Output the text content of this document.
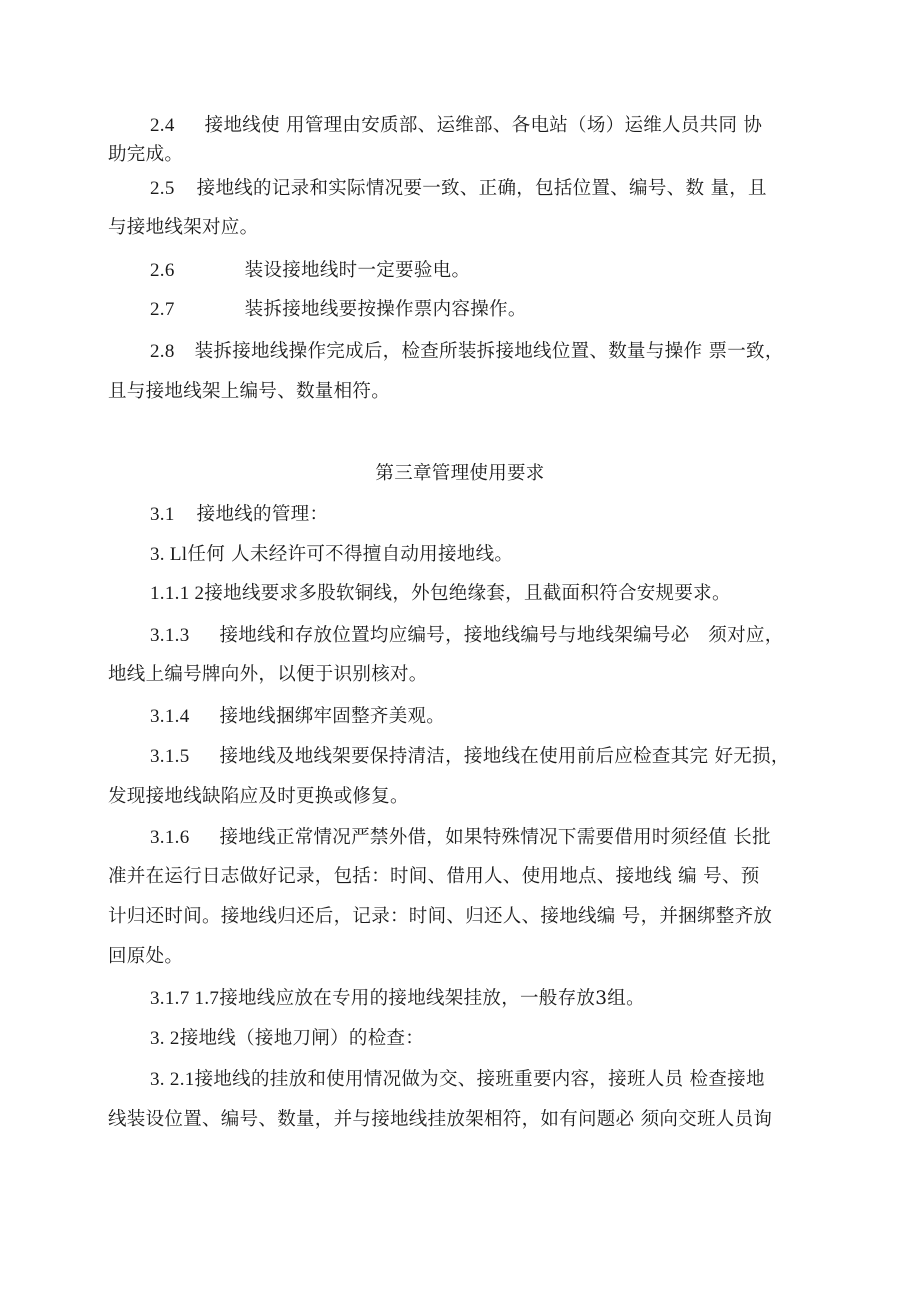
2.4 接地线使 用管理由安质部、运维部、各电站（场）运维人员共同 协
助完成。
2.5 接地线的记录和实际情况要一致、正确，包括位置、编号、数 量，且
与接地线架对应。
2.6	装设接地线时一定要验电。
2.7	装拆接地线要按操作票内容操作。
2.8 装拆接地线操作完成后，检查所装拆接地线位置、数量与操作 票一致，
且与接地线架上编号、数量相符。
第三章管理使用要求
3.1 接地线的管理：
3. Ll任何 人未经许可不得擅自动用接地线。
1.1.1 2接地线要求多股软铜线，外包绝缘套，且截面积符合安规要求。
3.1.3 接地线和存放位置均应编号，接地线编号与地线架编号必　须对应，
地线上编号牌向外，以便于识别核对。
3.1.4 接地线捆绑牢固整齐美观。
3.1.5 接地线及地线架要保持清洁，接地线在使用前后应检查其完 好无损，
发现接地线缺陷应及时更换或修复。
3.1.6 接地线正常情况严禁外借，如果特殊情况下需要借用时须经值 长批
准并在运行日志做好记录，包括：时间、借用人、使用地点、接地线 编 号、预
计归还时间。接地线归还后，记录：时间、归还人、接地线编 号，并捆绑整齐放
回原处。
3.1.7 1.7接地线应放在专用的接地线架挂放，一般存放3组。
3. 2接地线（接地刀闸）的检查：
3. 2.1接地线的挂放和使用情况做为交、接班重要内容，接班人员 检查接地
线装设位置、编号、数量，并与接地线挂放架相符，如有问题必 须向交班人员询
